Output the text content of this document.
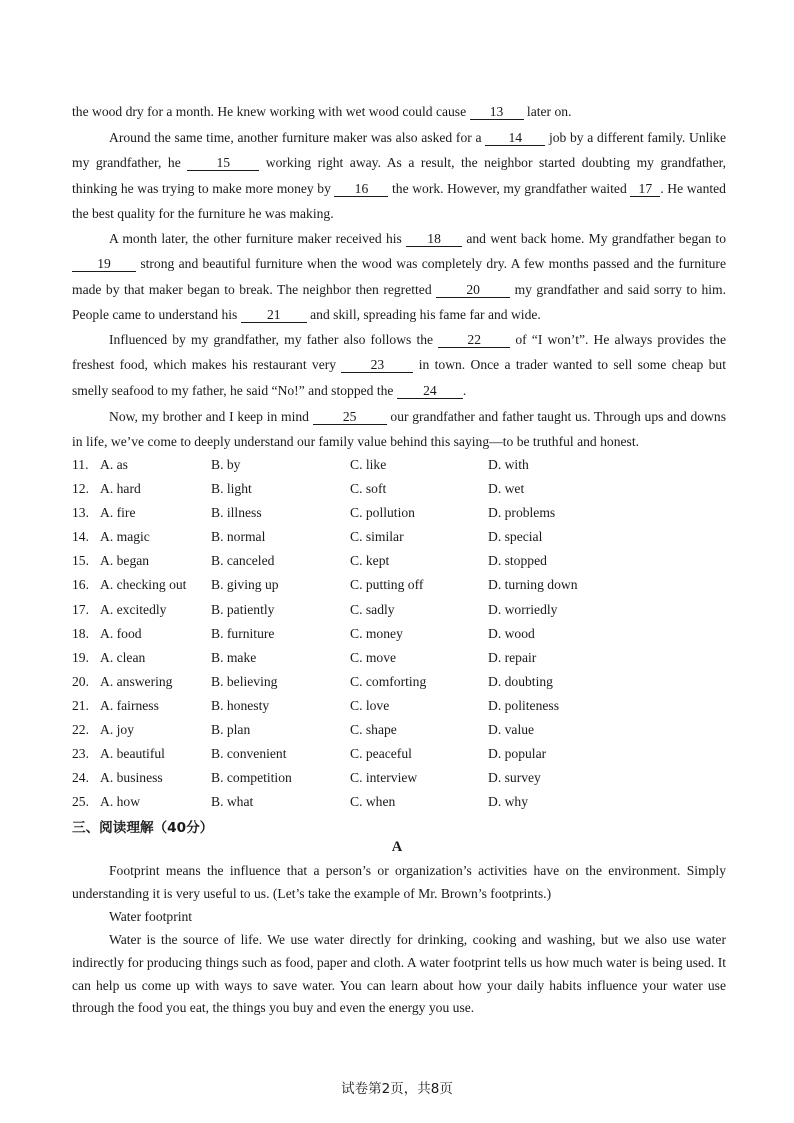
the wood dry for a month. He knew working with wet wood could cause 13 later on.

Around the same time, another furniture maker was also asked for a 14 job by a different family. Unlike my grandfather, he 15 working right away. As a result, the neighbor started doubting my grandfather, thinking he was trying to make more money by 16 the work. However, my grandfather waited 17 . He wanted the best quality for the furniture he was making.

A month later, the other furniture maker received his 18 and went back home. My grandfather began to 19 strong and beautiful furniture when the wood was completely dry. A few months passed and the furniture made by that maker began to break. The neighbor then regretted 20 my grandfather and said sorry to him. People came to understand his 21 and skill, spreading his fame far and wide.

Influenced by my grandfather, my father also follows the 22 of “I won’t”. He always provides the freshest food, which makes his restaurant very 23 in town. Once a trader wanted to sell some cheap but smelly seafood to my father, he said “No!” and stopped the 24 .

Now, my brother and I keep in mind 25 our grandfather and father taught us. Through ups and downs in life, we’ve come to deeply understand our family value behind this saying—to be truthful and honest.

11. A. as	B. by	C. like	D. with
12. A. hard	B. light	C. soft	D. wet
13. A. fire	B. illness	C. pollution	D. problems
14. A. magic	B. normal	C. similar	D. special
15. A. began	B. canceled	C. kept	D. stopped
16. A. checking out B. giving up	C. putting off	D. turning down
17. A. excitedly	B. patiently	C. sadly	D. worriedly
18. A. food	B. furniture	C. money	D. wood
19. A. clean	B. make	C. move	D. repair
20. A. answering	B. believing	C. comforting	D. doubting
21. A. fairness	B. honesty	C. love	D. politeness
22. A. joy	B. plan	C. shape	D. value
23. A. beautiful	B. convenient	C. peaceful	D. popular
24. A. business	B. competition	C. interview	D. survey
25. A. how	B. what	C. when	D. why
三、阅读理解（40分）
A

Footprint means the influence that a person’s or organization’s activities have on the environment. Simply understanding it is very useful to us. (Let’s take the example of Mr. Brown’s footprints.)

Water footprint

Water is the source of life. We use water directly for drinking, cooking and washing, but we also use water indirectly for producing things such as food, paper and cloth. A water footprint tells us how much water is being used. It can help us come up with ways to save water. You can learn about how your daily habits influence your water use through the food you eat, the things you buy and even the energy you use.

试卷第2页，共8页
